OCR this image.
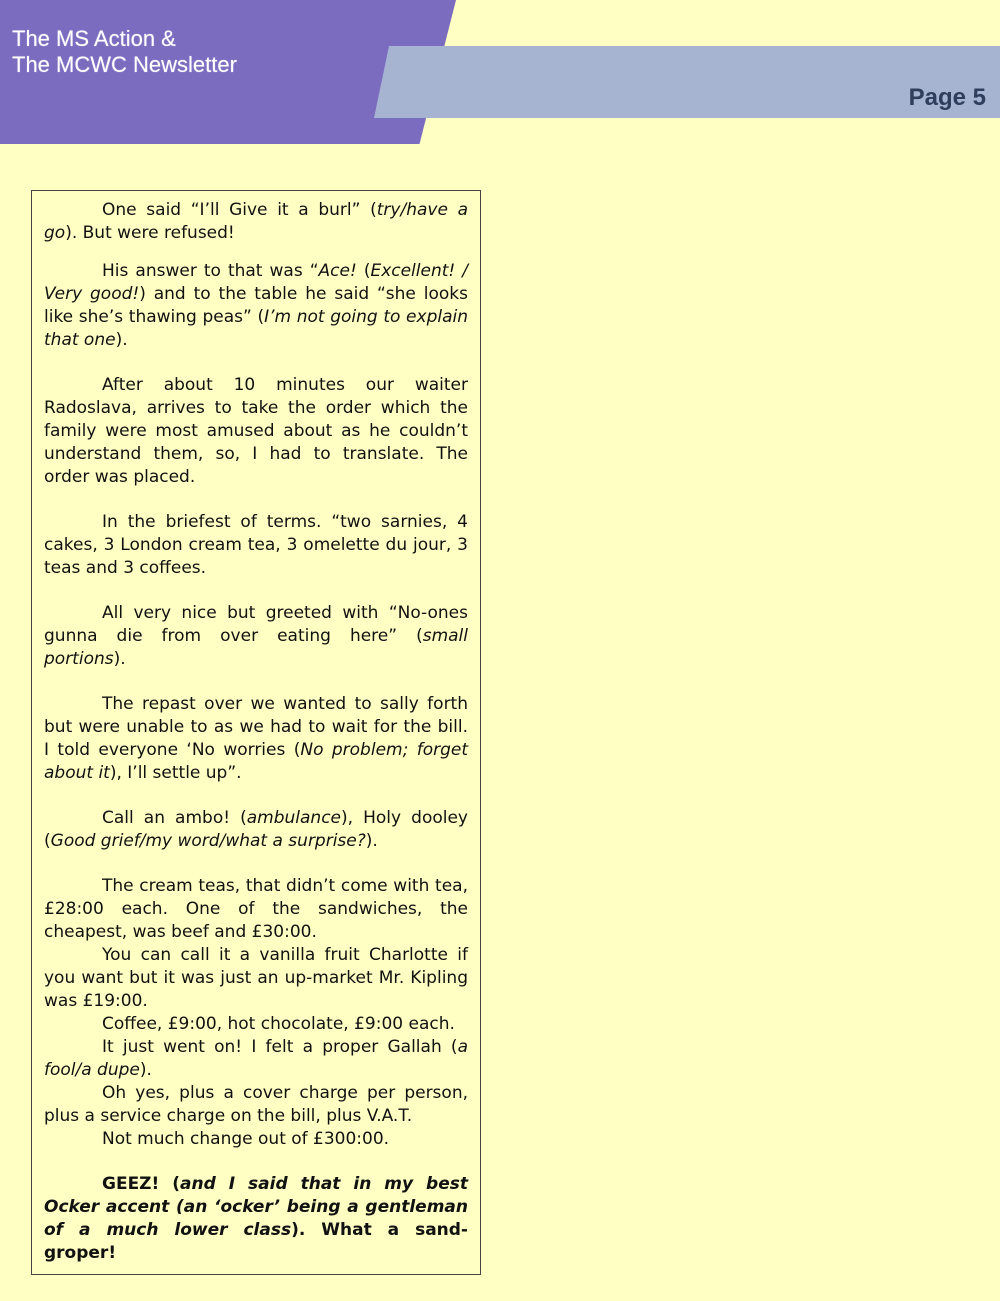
The MS Action &
The MCWC Newsletter
Page 5

One said “I’ll Give it a burl” (try/have a go). But were refused!

His answer to that was “Ace! (Excellent! / Very good!) and to the table he said “she looks like she’s thawing peas” (I’m not going to explain that one).

After about 10 minutes our waiter Radoslava, arrives to take the order which the family were most amused about as he couldn’t understand them, so, I had to translate. The order was placed.

In the briefest of terms. “two sarnies, 4 cakes, 3 London cream tea, 3 omelette du jour, 3 teas and 3 coffees.

All very nice but greeted with “No-ones gunna die from over eating here” (small portions).

The repast over we wanted to sally forth but were unable to as we had to wait for the bill. I told everyone ‘No worries (No problem; forget about it), I’ll settle up”.

Call an ambo! (ambulance), Holy dooley (Good grief/my word/what a surprise?).

The cream teas, that didn’t come with tea, £28:00 each. One of the sandwiches, the cheapest, was beef and £30:00.

You can call it a vanilla fruit Charlotte if you want but it was just an up-market Mr. Kipling was £19:00.

Coffee, £9:00, hot chocolate, £9:00 each.

It just went on! I felt a proper Gallah (a fool/a dupe).

Oh yes, plus a cover charge per person, plus a service charge on the bill, plus V.A.T.

Not much change out of £300:00.

GEEZ! (and I said that in my best Ocker accent (an ‘ocker’ being a gentleman of a much lower class). What a sand-groper!
